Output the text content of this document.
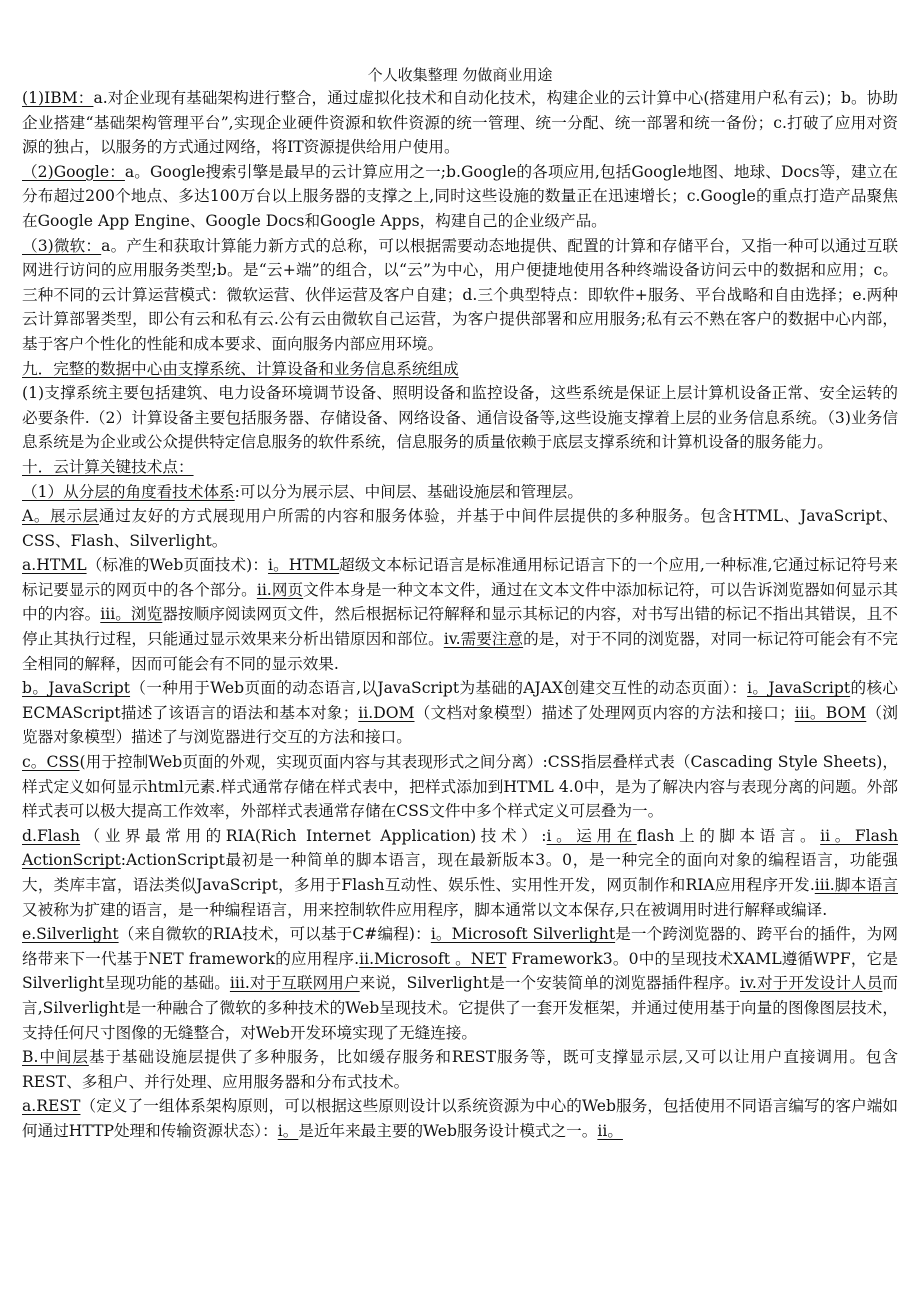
个人收集整理 勿做商业用途

(1)IBM：a.对企业现有基础架构进行整合，通过虚拟化技术和自动化技术，构建企业的云计算中心(搭建用户私有云)；b。协助企业搭建“基础架构管理平台”,实现企业硬件资源和软件资源的统一管理、统一分配、统一部署和统一备份；c.打破了应用对资源的独占，以服务的方式通过网络，将IT资源提供给用户使用。

（2)Google：a。Google搜索引擎是最早的云计算应用之一;b.Google的各项应用,包括Google地图、地球、Docs等，建立在分布超过200个地点、多达100万台以上服务器的支撑之上,同时这些设施的数量正在迅速增长；c.Google的重点打造产品聚焦在Google App Engine、Google Docs和Google Apps，构建自己的企业级产品。

（3)微软：a。产生和获取计算能力新方式的总称，可以根据需要动态地提供、配置的计算和存储平台，又指一种可以通过互联网进行访问的应用服务类型;b。是“云+端”的组合，以“云”为中心，用户便捷地使用各种终端设备访问云中的数据和应用；c。三种不同的云计算运营模式：微软运营、伙伴运营及客户自建；d.三个典型特点：即软件+服务、平台战略和自由选择；e.两种云计算部署类型，即公有云和私有云.公有云由微软自己运营，为客户提供部署和应用服务;私有云不熟在客户的数据中心内部，基于客户个性化的性能和成本要求、面向服务内部应用环境。

九．完整的数据中心由支撑系统、计算设备和业务信息系统组成

(1)支撑系统主要包括建筑、电力设备环境调节设备、照明设备和监控设备，这些系统是保证上层计算机设备正常、安全运转的必要条件.（2）计算设备主要包括服务器、存储设备、网络设备、通信设备等,这些设施支撑着上层的业务信息系统。（3)业务信息系统是为企业或公众提供特定信息服务的软件系统，信息服务的质量依赖于底层支撑系统和计算机设备的服务能力。

十．云计算关键技术点：

（1）从分层的角度看技术体系:可以分为展示层、中间层、基础设施层和管理层。

A。展示层通过友好的方式展现用户所需的内容和服务体验，并基于中间件层提供的多种服务。包含HTML、JavaScript、CSS、Flash、Silverlight。

a.HTML（标准的Web页面技术)：i。HTML超级文本标记语言是标准通用标记语言下的一个应用,一种标准,它通过标记符号来标记要显示的网页中的各个部分。ii.网页文件本身是一种文本文件，通过在文本文件中添加标记符，可以告诉浏览器如何显示其中的内容。iii。浏览器按顺序阅读网页文件，然后根据标记符解释和显示其标记的内容，对书写出错的标记不指出其错误，且不停止其执行过程，只能通过显示效果来分析出错原因和部位。iv.需要注意的是，对于不同的浏览器，对同一标记符可能会有不完全相同的解释，因而可能会有不同的显示效果.

b。JavaScript（一种用于Web页面的动态语言,以JavaScript为基础的AJAX创建交互性的动态页面）：i。JavaScript的核心ECMAScript描述了该语言的语法和基本对象；ii.DOM（文档对象模型）描述了处理网页内容的方法和接口；iii。BOM（浏览器对象模型）描述了与浏览器进行交互的方法和接口。

c。CSS(用于控制Web页面的外观，实现页面内容与其表现形式之间分离）:CSS指层叠样式表（Cascading Style Sheets)，样式定义如何显示html元素.样式通常存储在样式表中，把样式添加到HTML 4.0中，是为了解决内容与表现分离的问题。外部样式表可以极大提高工作效率，外部样式表通常存储在CSS文件中多个样式定义可层叠为一。

d.Flash（业界最常用的RIA(Rich Internet Application)技术）:i。运用在flash上的脚本语言。ii。Flash ActionScript:ActionScript最初是一种简单的脚本语言，现在最新版本3。0，是一种完全的面向对象的编程语言，功能强大，类库丰富，语法类似JavaScript，多用于Flash互动性、娱乐性、实用性开发，网页制作和RIA应用程序开发.iii.脚本语言又被称为扩建的语言，是一种编程语言，用来控制软件应用程序，脚本通常以文本保存,只在被调用时进行解释或编译.

e.Silverlight（来自微软的RIA技术，可以基于C#编程)：i。Microsoft Silverlight是一个跨浏览器的、跨平台的插件，为网络带来下一代基于NET framework的应用程序.ii.Microsoft 。NET Framework3。0中的呈现技术XAML遵循WPF，它是Silverlight呈现功能的基础。iii.对于互联网用户来说，Silverlight是一个安装简单的浏览器插件程序。iv.对于开发设计人员而言,Silverlight是一种融合了微软的多种技术的Web呈现技术。它提供了一套开发框架，并通过使用基于向量的图像图层技术，支持任何尺寸图像的无缝整合，对Web开发环境实现了无缝连接。

B.中间层基于基础设施层提供了多种服务，比如缓存服务和REST服务等，既可支撑显示层,又可以让用户直接调用。包含REST、多租户、并行处理、应用服务器和分布式技术。

a.REST（定义了一组体系架构原则，可以根据这些原则设计以系统资源为中心的Web服务，包括使用不同语言编写的客户端如何通过HTTP处理和传输资源状态）：i。是近年来最主要的Web服务设计模式之一。ii。
